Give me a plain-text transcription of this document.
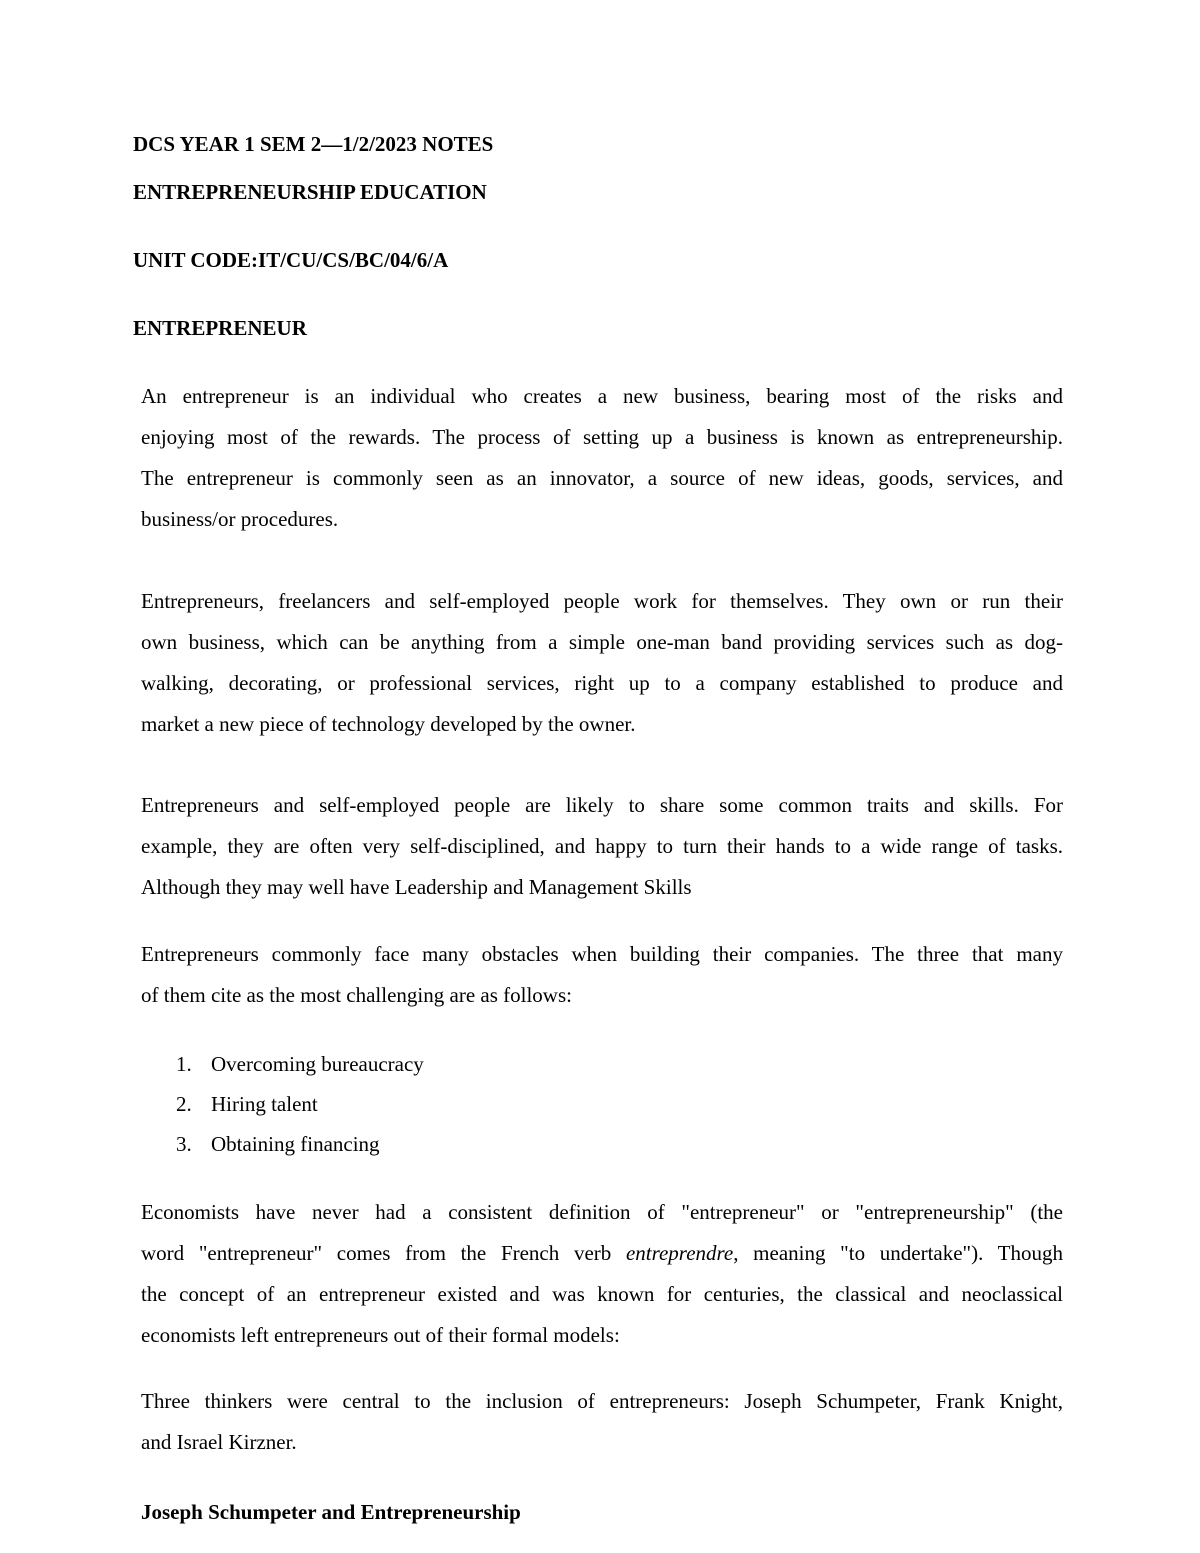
DCS YEAR 1 SEM 2—1/2/2023 NOTES
ENTREPRENEURSHIP EDUCATION
UNIT CODE:IT/CU/CS/BC/04/6/A
ENTREPRENEUR
An entrepreneur is an individual who creates a new business, bearing most of the risks and
enjoying most of the rewards. The process of setting up a business is known as entrepreneurship.
The entrepreneur is commonly seen as an innovator, a source of new ideas, goods, services, and
business/or procedures.
Entrepreneurs, freelancers and self-employed people work for themselves. They own or run their
own business, which can be anything from a simple one-man band providing services such as dog-
walking, decorating, or professional services, right up to a company established to produce and
market a new piece of technology developed by the owner.
Entrepreneurs and self-employed people are likely to share some common traits and skills. For
example, they are often very self-disciplined, and happy to turn their hands to a wide range of tasks.
Although they may well have Leadership and Management Skills
Entrepreneurs commonly face many obstacles when building their companies. The three that many
of them cite as the most challenging are as follows:
1. Overcoming bureaucracy
2. Hiring talent
3. Obtaining financing
Economists have never had a consistent definition of "entrepreneur" or "entrepreneurship" (the
word "entrepreneur" comes from the French verb entreprendre, meaning "to undertake"). Though
the concept of an entrepreneur existed and was known for centuries, the classical and neoclassical
economists left entrepreneurs out of their formal models:
Three thinkers were central to the inclusion of entrepreneurs: Joseph Schumpeter, Frank Knight,
and Israel Kirzner.
Joseph Schumpeter and Entrepreneurship
